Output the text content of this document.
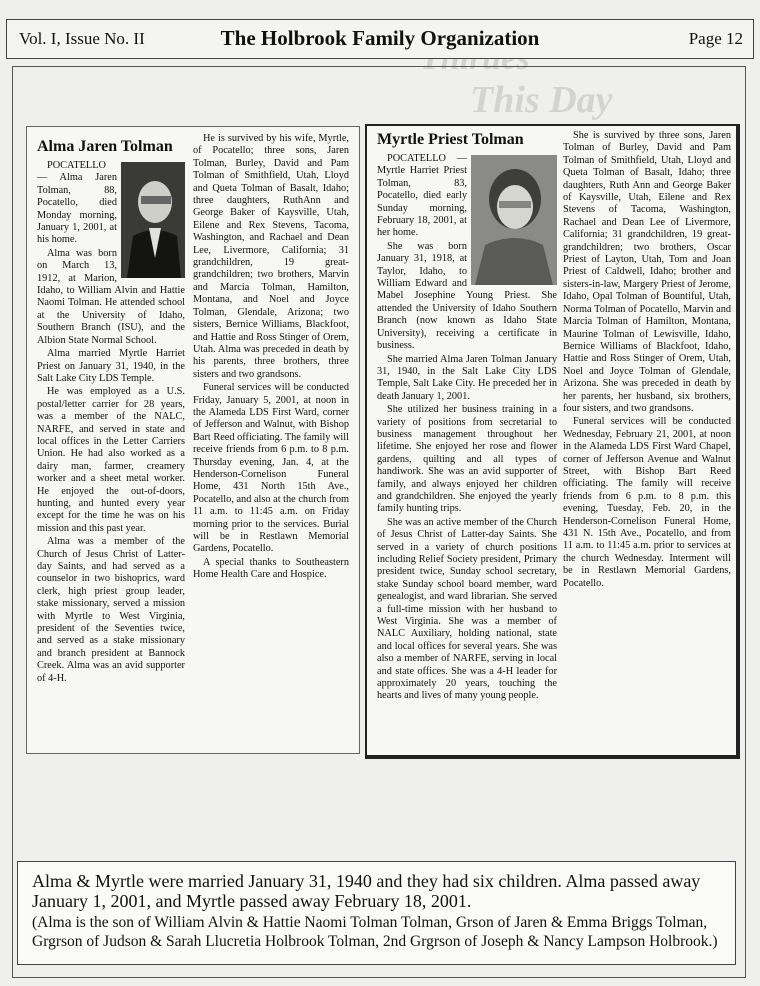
This Day
Vol. I, Issue No. II	The Holbrook Family Organization	Page 12
Alma Jaren Tolman

POCATELLO — Alma Jaren Tolman, 88, Pocatello, died Monday morning, January 1, 2001, at his home.

Alma was born on March 13, 1912, at Marion, Idaho, to William Alvin and Hattie Naomi Tolman. He attended school at the University of Idaho, Southern Branch (ISU), and the Albion State Normal School.

Alma married Myrtle Harriet Priest on January 31, 1940, in the Salt Lake City LDS Temple.

He was employed as a U.S. postal/letter carrier for 28 years, was a member of the NALC, NARFE, and served in state and local offices in the Letter Carriers Union. He had also worked as a dairy man, farmer, creamery worker and a sheet metal worker. He enjoyed the out-of-doors, hunting, and hunted every year except for the time he was on his mission and this past year.

Alma was a member of the Church of Jesus Christ of Latter-day Saints, and had served as a counselor in two bishoprics, ward clerk, high priest group leader, stake missionary, served a mission with Myrtle to West Virginia, president of the Seventies twice, and served as a stake missionary and branch president at Bannock Creek. Alma was an avid supporter of 4-H.

He is survived by his wife, Myrtle, of Pocatello; three sons, Jaren Tolman, Burley, David and Pam Tolman of Smithfield, Utah, Lloyd and Queta Tolman of Basalt, Idaho; three daughters, RuthAnn and George Baker of Kaysville, Utah, Eilene and Rex Stevens, Tacoma, Washington, and Rachael and Dean Lee, Livermore, California; 31 grandchildren, 19 great-grandchildren; two brothers, Marvin and Marcia Tolman, Hamilton, Montana, and Noel and Joyce Tolman, Glendale, Arizona; two sisters, Bernice Williams, Blackfoot, and Hattie and Ross Stinger of Orem, Utah. Alma was preceded in death by his parents, three brothers, three sisters and two grandsons.

Funeral services will be conducted Friday, January 5, 2001, at noon in the Alameda LDS First Ward, corner of Jefferson and Walnut, with Bishop Bart Reed officiating. The family will receive friends from 6 p.m. to 8 p.m. Thursday evening, Jan. 4, at the Henderson-Cornelison Funeral Home, 431 North 15th Ave., Pocatello, and also at the church from 11 a.m. to 11:45 a.m. on Friday morning prior to the services. Burial will be in Restlawn Memorial Gardens, Pocatello.

A special thanks to Southeastern Home Health Care and Hospice.

Myrtle Priest Tolman

POCATELLO — Myrtle Harriet Priest Tolman, 83, Pocatello, died early Sunday morning, February 18, 2001, at her home.

She was born January 31, 1918, at Taylor, Idaho, to William Edward and Mabel Josephine Young Priest. She attended the University of Idaho Southern Branch (now known as Idaho State University), receiving a certificate in business.

She married Alma Jaren Tolman January 31, 1940, in the Salt Lake City LDS Temple, Salt Lake City. He preceded her in death January 1, 2001.

She utilized her business training in a variety of positions from secretarial to business management throughout her lifetime. She enjoyed her rose and flower gardens, quilting and all types of handiwork. She was an avid supporter of family, and always enjoyed her children and grandchildren. She enjoyed the yearly family hunting trips.

She was an active member of the Church of Jesus Christ of Latter-day Saints. She served in a variety of church positions including Relief Society president, Primary president twice, Sunday school secretary, stake Sunday school board member, ward genealogist, and ward librarian. She served a full-time mission with her husband to West Virginia. She was a member of NALC Auxiliary, holding national, state and local offices for several years. She was also a member of NARFE, serving in local and state offices. She was a 4-H leader for approximately 20 years, touching the hearts and lives of many young people.

She is survived by three sons, Jaren Tolman of Burley, David and Pam Tolman of Smithfield, Utah, Lloyd and Queta Tolman of Basalt, Idaho; three daughters, Ruth Ann and George Baker of Kaysville, Utah, Eilene and Rex Stevens of Tacoma, Washington, Rachael and Dean Lee of Livermore, California; 31 grandchildren, 19 great-grandchildren; two brothers, Oscar Priest of Layton, Utah, Tom and Joan Priest of Caldwell, Idaho; brother and sisters-in-law, Margery Priest of Jerome, Idaho, Opal Tolman of Bountiful, Utah, Norma Tolman of Pocatello, Marvin and Marcia Tolman of Hamilton, Montana, Maurine Tolman of Lewisville, Idaho, Bernice Williams of Blackfoot, Idaho, Hattie and Ross Stinger of Orem, Utah, Noel and Joyce Tolman of Glendale, Arizona. She was preceded in death by her parents, her husband, six brothers, four sisters, and two grandsons.

Funeral services will be conducted Wednesday, February 21, 2001, at noon in the Alameda LDS First Ward Chapel, corner of Jefferson Avenue and Walnut Street, with Bishop Bart Reed officiating. The family will receive friends from 6 p.m. to 8 p.m. this evening, Tuesday, Feb. 20, in the Henderson-Cornelison Funeral Home, 431 N. 15th Ave., Pocatello, and from 11 a.m. to 11:45 a.m. prior to services at the church Wednesday. Interment will be in Restlawn Memorial Gardens, Pocatello.

Alma & Myrtle were married January 31, 1940 and they had six children. Alma passed away January 1, 2001, and Myrtle passed away February 18, 2001.
(Alma is the son of William Alvin & Hattie Naomi Tolman Tolman, Grson of Jaren & Emma Briggs Tolman, Grgrson of Judson & Sarah Llucretia Holbrook Tolman, 2nd Grgrson of Joseph & Nancy Lampson Holbrook.)
